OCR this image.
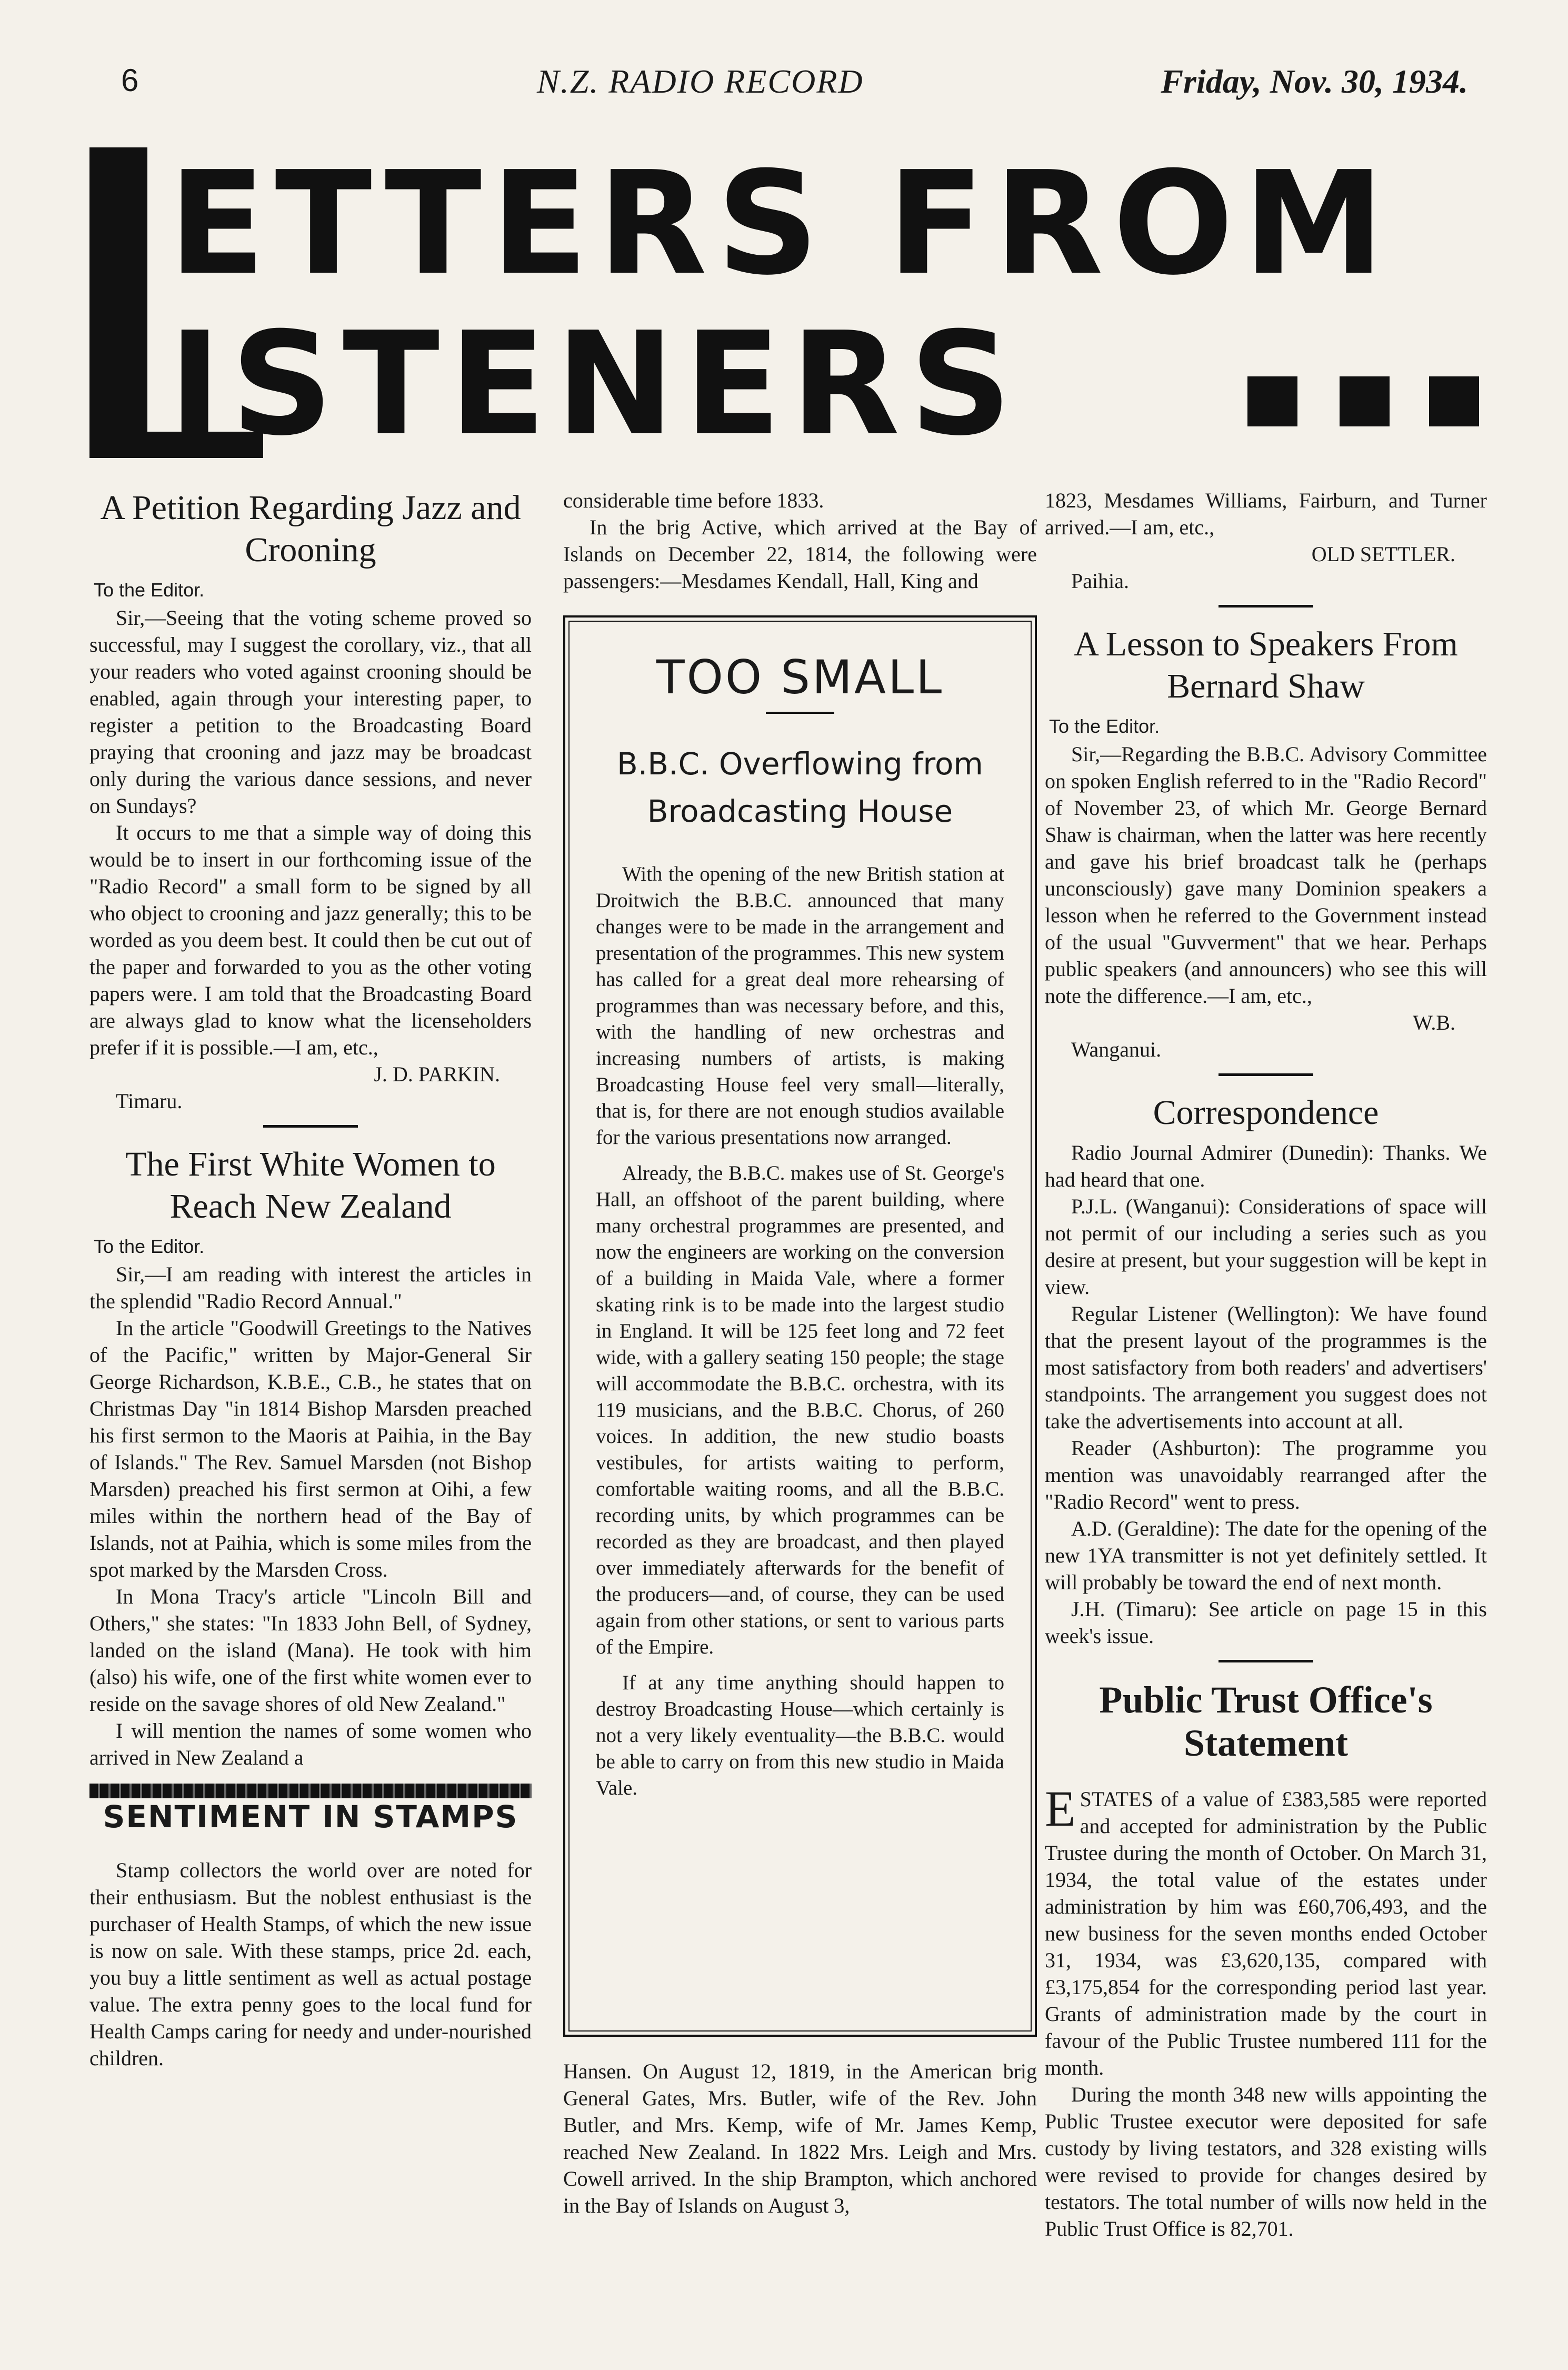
6	N.Z. RADIO RECORD	Friday, Nov. 30, 1934.
ETTERS FROM
ISTENERS
A Petition Regarding Jazz and Crooning
To the Editor.

Sir,—Seeing that the voting scheme proved so successful, may I suggest the corollary, viz., that all your readers who voted against crooning should be enabled, again through your interesting paper, to register a petition to the Broadcasting Board praying that crooning and jazz may be broadcast only during the various dance sessions, and never on Sundays?

It occurs to me that a simple way of doing this would be to insert in our forthcoming issue of the "Radio Record" a small form to be signed by all who object to crooning and jazz generally; this to be worded as you deem best. It could then be cut out of the paper and forwarded to you as the other voting papers were. I am told that the Broadcasting Board are always glad to know what the licenseholders prefer if it is possible.—I am, etc.,

J. D. PARKIN.
Timaru.
The First White Women to Reach New Zealand
To the Editor.

Sir,—I am reading with interest the articles in the splendid "Radio Record Annual."

In the article "Goodwill Greetings to the Natives of the Pacific," written by Major-General Sir George Richardson, K.B.E., C.B., he states that on Christmas Day "in 1814 Bishop Marsden preached his first sermon to the Maoris at Paihia, in the Bay of Islands." The Rev. Samuel Marsden (not Bishop Marsden) preached his first sermon at Oihi, a few miles within the northern head of the Bay of Islands, not at Paihia, which is some miles from the spot marked by the Marsden Cross.

In Mona Tracy's article "Lincoln Bill and Others," she states: "In 1833 John Bell, of Sydney, landed on the island (Mana). He took with him (also) his wife, one of the first white women ever to reside on the savage shores of old New Zealand."

I will mention the names of some women who arrived in New Zealand a

SENTIMENT IN STAMPS

Stamp collectors the world over are noted for their enthusiasm. But the noblest enthusiast is the purchaser of Health Stamps, of which the new issue is now on sale. With these stamps, price 2d. each, you buy a little sentiment as well as actual postage value. The extra penny goes to the local fund for Health Camps caring for needy and under-nourished children.

considerable time before 1833.

In the brig Active, which arrived at the Bay of Islands on December 22, 1814, the following were passengers:—Mesdames Kendall, Hall, King and

TOO SMALL
B.B.C. Overflowing from Broadcasting House

With the opening of the new British station at Droitwich the B.B.C. announced that many changes were to be made in the arrangement and presentation of the programmes. This new system has called for a great deal more rehearsing of programmes than was necessary before, and this, with the handling of new orchestras and increasing numbers of artists, is making Broadcasting House feel very small—literally, that is, for there are not enough studios available for the various presentations now arranged.

Already, the B.B.C. makes use of St. George's Hall, an offshoot of the parent building, where many orchestral programmes are presented, and now the engineers are working on the conversion of a building in Maida Vale, where a former skating rink is to be made into the largest studio in England. It will be 125 feet long and 72 feet wide, with a gallery seating 150 people; the stage will accommodate the B.B.C. orchestra, with its 119 musicians, and the B.B.C. Chorus, of 260 voices. In addition, the new studio boasts vestibules, for artists waiting to perform, comfortable waiting rooms, and all the B.B.C. recording units, by which programmes can be recorded as they are broadcast, and then played over immediately afterwards for the benefit of the producers—and, of course, they can be used again from other stations, or sent to various parts of the Empire.

If at any time anything should happen to destroy Broadcasting House—which certainly is not a very likely eventuality—the B.B.C. would be able to carry on from this new studio in Maida Vale.

Hansen. On August 12, 1819, in the American brig General Gates, Mrs. Butler, wife of the Rev. John Butler, and Mrs. Kemp, wife of Mr. James Kemp, reached New Zealand. In 1822 Mrs. Leigh and Mrs. Cowell arrived. In the ship Brampton, which anchored in the Bay of Islands on August 3,

1823, Mesdames Williams, Fairburn, and Turner arrived.—I am, etc.,

OLD SETTLER.
Paihia.
A Lesson to Speakers From Bernard Shaw
To the Editor.

Sir,—Regarding the B.B.C. Advisory Committee on spoken English referred to in the "Radio Record" of November 23, of which Mr. George Bernard Shaw is chairman, when the latter was here recently and gave his brief broadcast talk he (perhaps unconsciously) gave many Dominion speakers a lesson when he referred to the Government instead of the usual "Guvverment" that we hear. Perhaps public speakers (and announcers) who see this will note the difference.—I am, etc.,

W.B.
Wanganui.
Correspondence

Radio Journal Admirer (Dunedin): Thanks. We had heard that one.

P.J.L. (Wanganui): Considerations of space will not permit of our including a series such as you desire at present, but your suggestion will be kept in view.

Regular Listener (Wellington): We have found that the present layout of the programmes is the most satisfactory from both readers' and advertisers' standpoints. The arrangement you suggest does not take the advertisements into account at all.

Reader (Ashburton): The programme you mention was unavoidably rearranged after the "Radio Record" went to press.

A.D. (Geraldine): The date for the opening of the new 1YA transmitter is not yet definitely settled. It will probably be toward the end of next month.

J.H. (Timaru): See article on page 15 in this week's issue.

Public Trust Office's Statement

ESTATES of a value of £383,585 were reported and accepted for administration by the Public Trustee during the month of October. On March 31, 1934, the total value of the estates under administration by him was £60,706,493, and the new business for the seven months ended October 31, 1934, was £3,620,135, compared with £3,175,854 for the corresponding period last year. Grants of administration made by the court in favour of the Public Trustee numbered 111 for the month.

During the month 348 new wills appointing the Public Trustee executor were deposited for safe custody by living testators, and 328 existing wills were revised to provide for changes desired by testators. The total number of wills now held in the Public Trust Office is 82,701.
